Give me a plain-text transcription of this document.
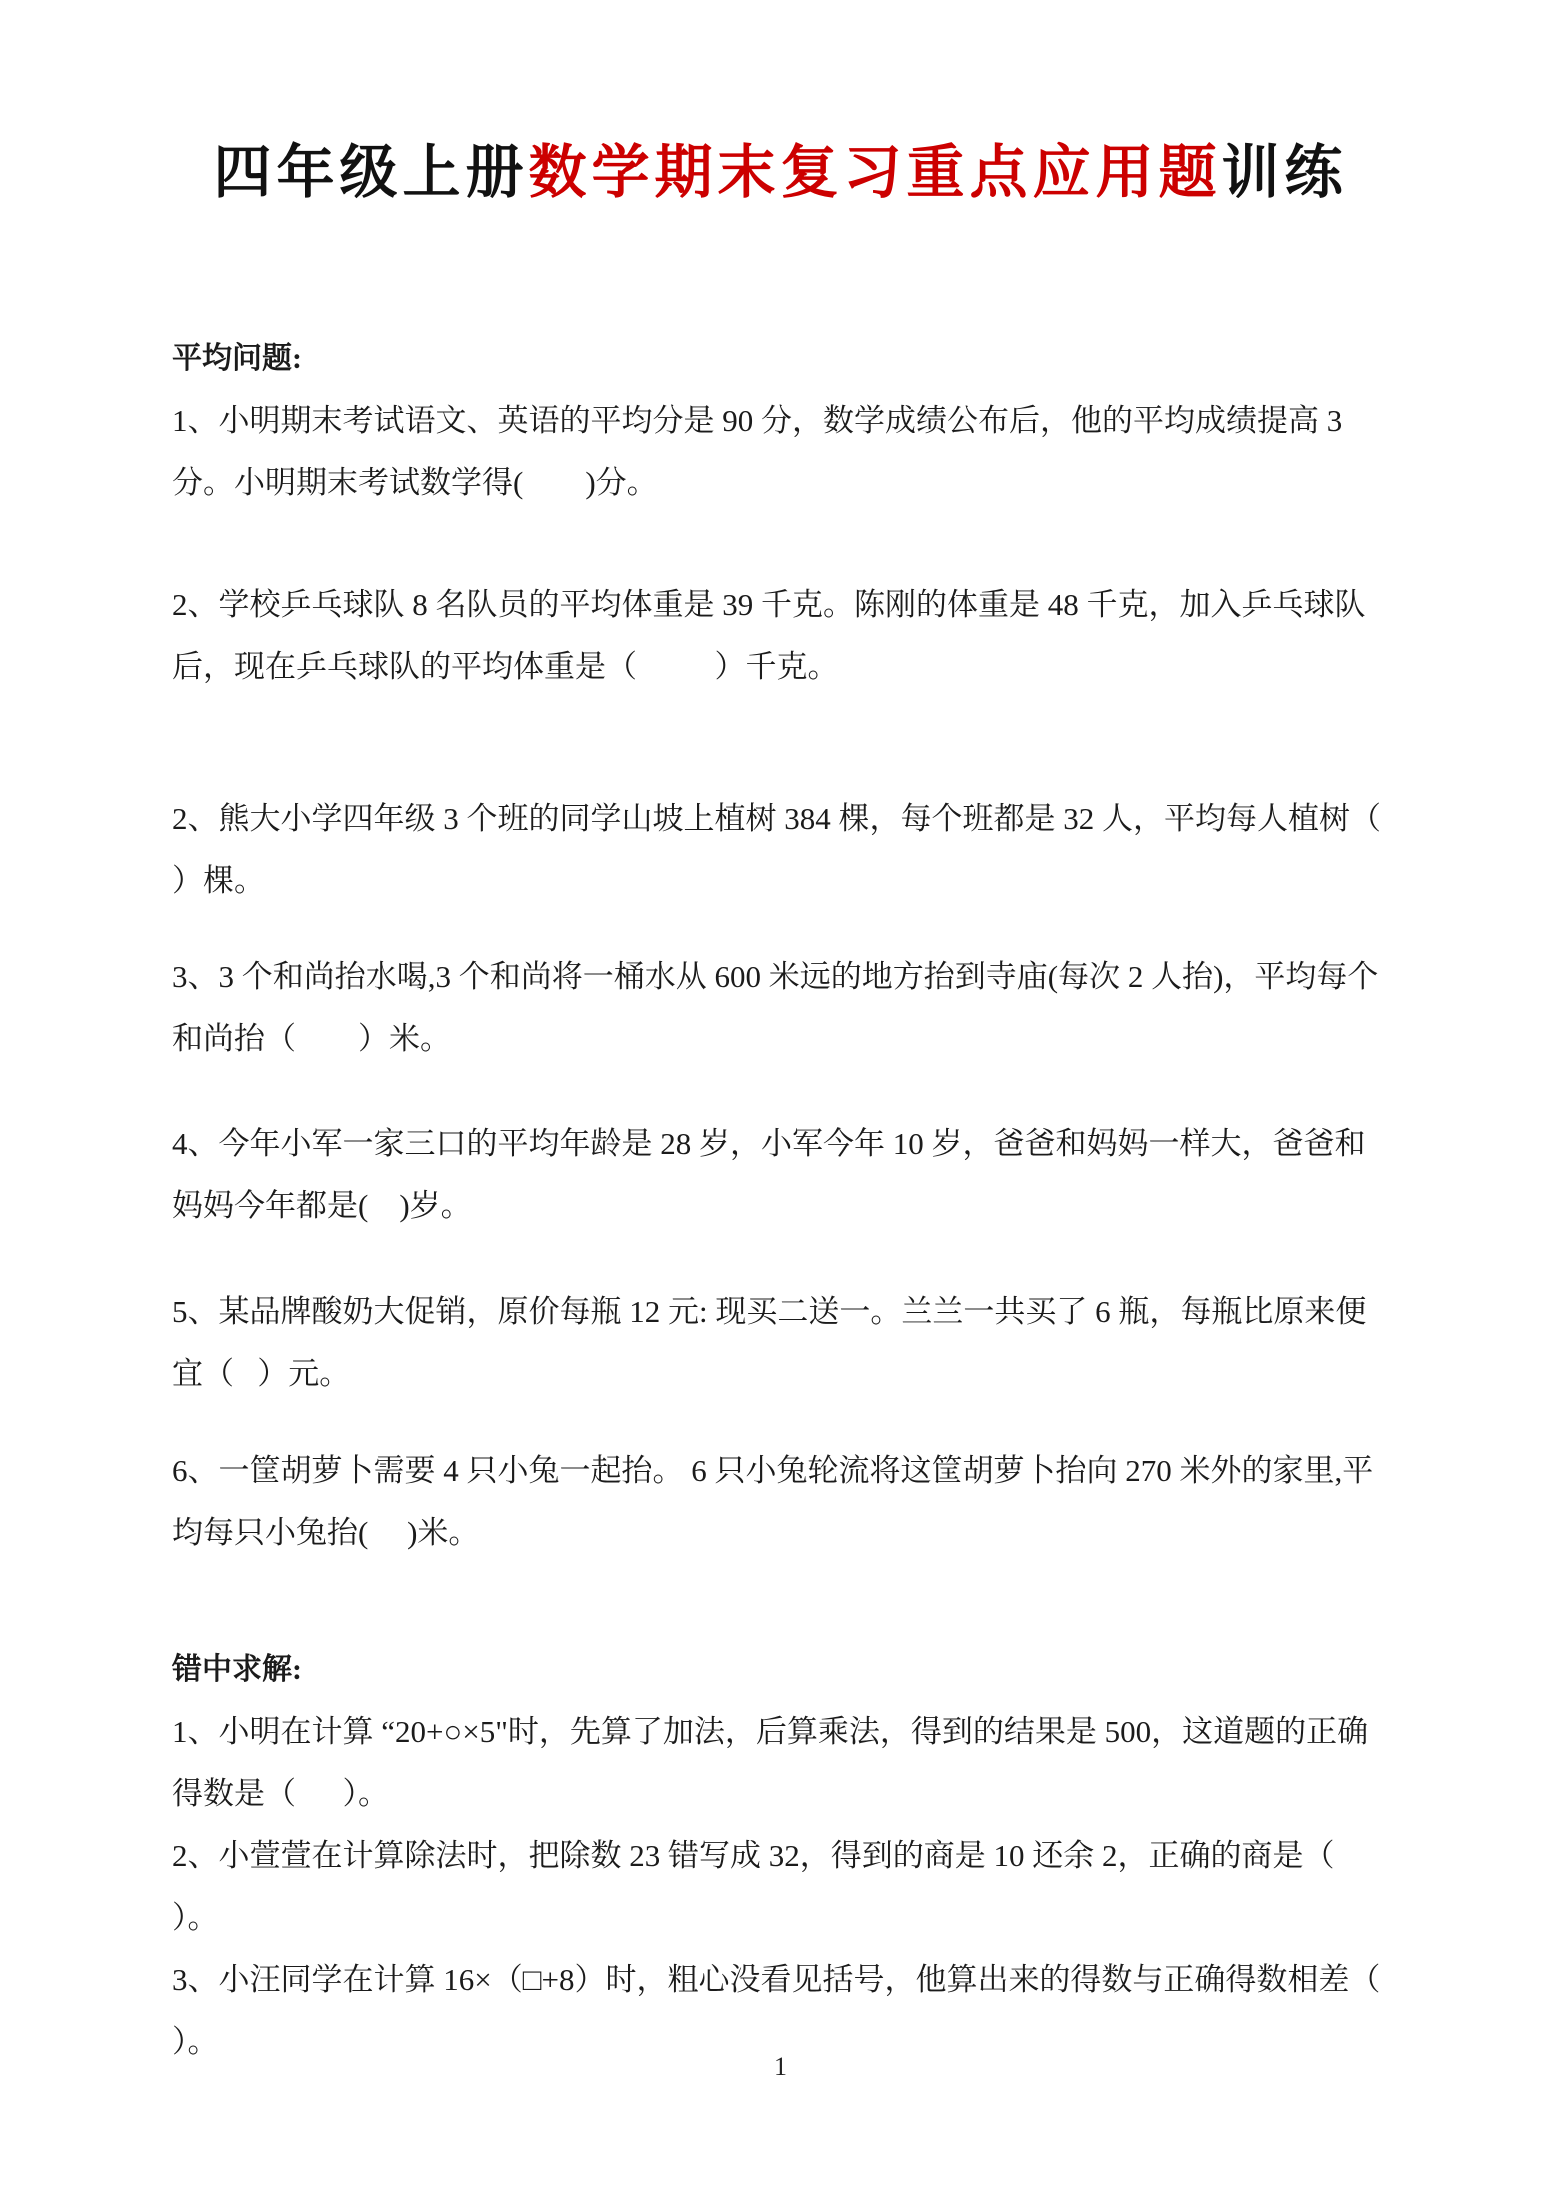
四年级上册数学期末复习重点应用题训练

平均问题:

1、小明期末考试语文、英语的平均分是 90 分，数学成绩公布后，他的平均成绩提高 3 分。小明期末考试数学得(        )分。

2、学校乒乓球队 8 名队员的平均体重是 39 千克。陈刚的体重是 48 千克，加入乒乓球队后，现在乒乓球队的平均体重是（          ）千克。

2、熊大小学四年级 3 个班的同学山坡上植树 384 棵，每个班都是 32 人，平均每人植树（      ）棵。

3、3 个和尚抬水喝,3 个和尚将一桶水从 600 米远的地方抬到寺庙(每次 2 人抬)，平均每个和尚抬（        ）米。

4、今年小军一家三口的平均年龄是 28 岁，小军今年 10 岁，爸爸和妈妈一样大，爸爸和妈妈今年都是(    )岁。

5、某品牌酸奶大促销，原价每瓶 12 元: 现买二送一。兰兰一共买了 6 瓶，每瓶比原来便宜（   ）元。

6、一筐胡萝卜需要 4 只小兔一起抬。 6 只小兔轮流将这筐胡萝卜抬向 270 米外的家里,平均每只小兔抬(     )米。

错中求解:

1、小明在计算 “20+○×5"时，先算了加法，后算乘法，得到的结果是 500，这道题的正确得数是（      ）。

2、小萱萱在计算除法时，把除数 23 错写成 32，得到的商是 10 还余 2，正确的商是（          ）。

3、小汪同学在计算 16×（□+8）时，粗心没看见括号，他算出来的得数与正确得数相差（        ）。

1
